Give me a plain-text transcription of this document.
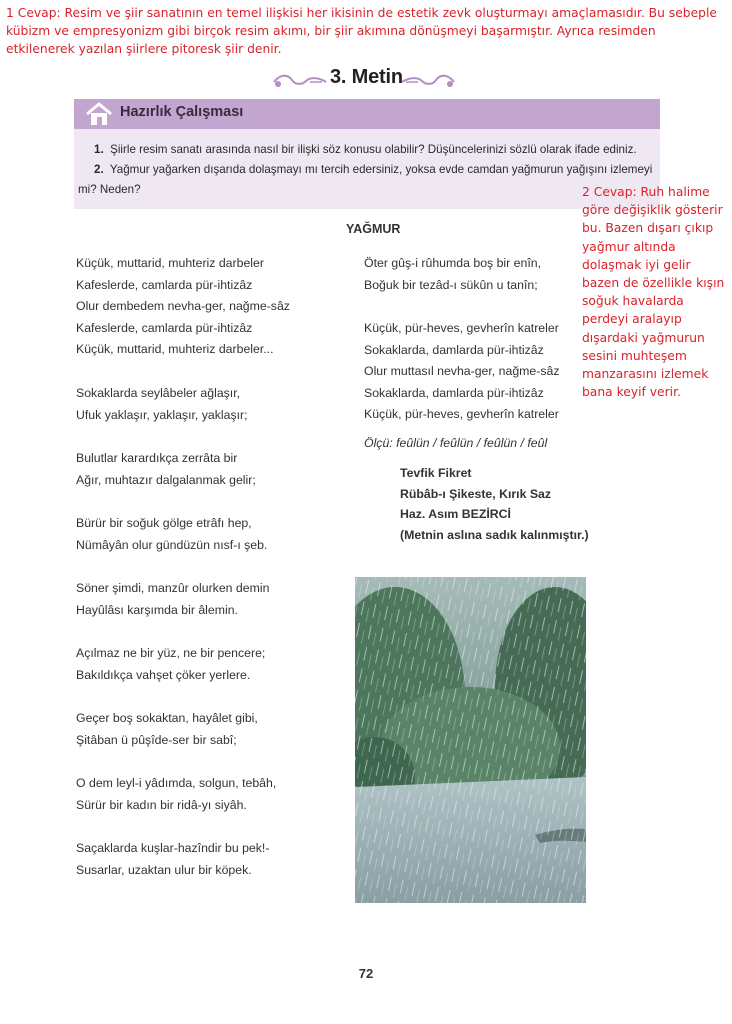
1 Cevap: Resim ve şiir sanatının en temel ilişkisi her ikisinin de estetik zevk oluşturmayı amaçlamasıdır. Bu sebeple kübizm ve empresyonizm gibi birçok resim akımı, bir şiir akımına dönüşmeyi başarmıştır. Ayrıca resimden etkilenerek yazılan şiirlere pitoresk şiir denir.
3. Metin
Hazırlık Çalışması
1. Şiirle resim sanatı arasında nasıl bir ilişki söz konusu olabilir? Düşüncelerinizi sözlü olarak ifade ediniz.
2. Yağmur yağarken dışarıda dolaşmayı mı tercih edersiniz, yoksa evde camdan yağmurun yağışını izlemeyi mi? Neden?	2 Cevap: Ruh halime göre değişiklik gösterir bu. Bazen dışarı çıkıp yağmur altında dolaşmak iyi gelir bazen de özellikle kışın soğuk havalarda perdeyi aralayıp dışardaki yağmurun sesini muhteşem manzarasını izlemek bana keyif verir.
YAĞMUR
Küçük, muttarid, muhteriz darbeler
Kafeslerde, camlarda pür-ihtizâz
Olur dembedem nevha-ger, nağme-sâz
Kafeslerde, camlarda pür-ihtizâz
Küçük, muttarid, muhteriz darbeler...
Sokaklarda seylâbeler ağlaşır,
Ufuk yaklaşır, yaklaşır, yaklaşır;
Bulutlar karardıkça zerrâta bir
Ağır, muhtazır dalgalanmak gelir;
Bürür bir soğuk gölge etrâfı hep,
Nümâyân olur gündüzün nısf-ı şeb.
Söner şimdi, manzûr olurken demin
Hayûlâsı karşımda bir âlemin.
Açılmaz ne bir yüz, ne bir pencere;
Bakıldıkça vahşet çöker yerlere.
Geçer boş sokaktan, hayâlet gibi,
Şitâban ü pûşîde-ser bir sabî;
O dem leyl-i yâdımda, solgun, tebâh,
Sürür bir kadın bir ridâ-yı siyâh.
Saçaklarda kuşlar-hazîndir bu pek!-
Susarlar, uzaktan ulur bir köpek.
Öter gûş-i rûhumda boş bir enîn,
Boğuk bir tezâd-ı sükûn u tanîn;
Küçük, pür-heves, gevherîn katreler
Sokaklarda, damlarda pür-ihtizâz
Olur muttasıl nevha-ger, nağme-sâz
Sokaklarda, damlarda pür-ihtizâz
Küçük, pür-heves, gevherîn katreler
Ölçü: feûlün / feûlün / feûlün / feûl
Tevfik Fikret
Rübâb-ı Şikeste, Kırık Saz
Haz. Asım BEZİRCİ
(Metnin aslına sadık kalınmıştır.)
72
